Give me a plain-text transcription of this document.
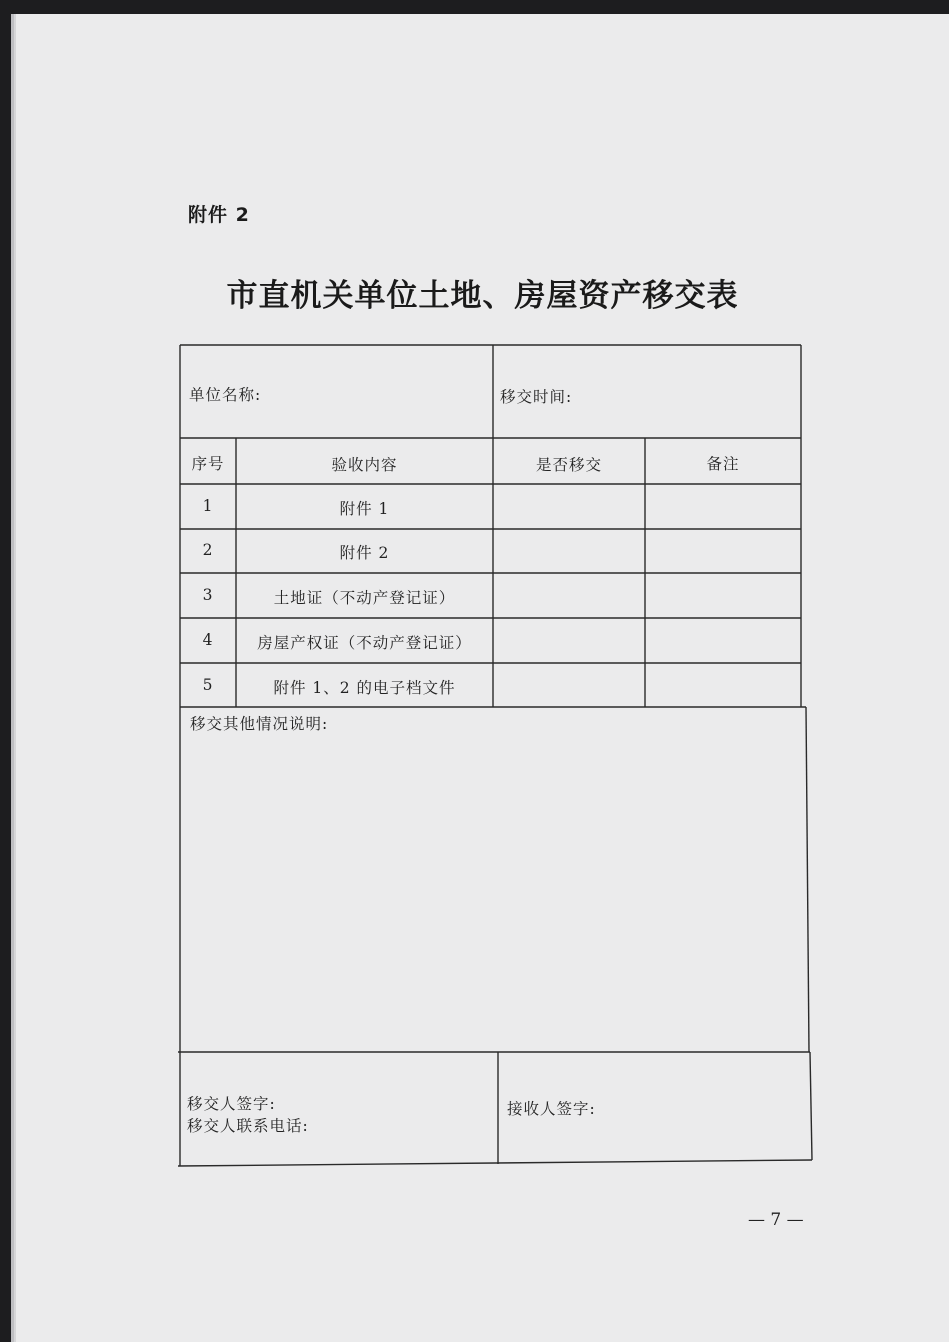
附件 2
市直机关单位土地、房屋资产移交表
单位名称:	移交时间:
序号	验收内容	是否移交	备注
1	附件 1
2	附件 2
3	土地证（不动产登记证）
4	房屋产权证（不动产登记证）
5	附件 1、2 的电子档文件
移交其他情况说明:
移交人签字:
移交人联系电话:
接收人签字:
— 7 —
